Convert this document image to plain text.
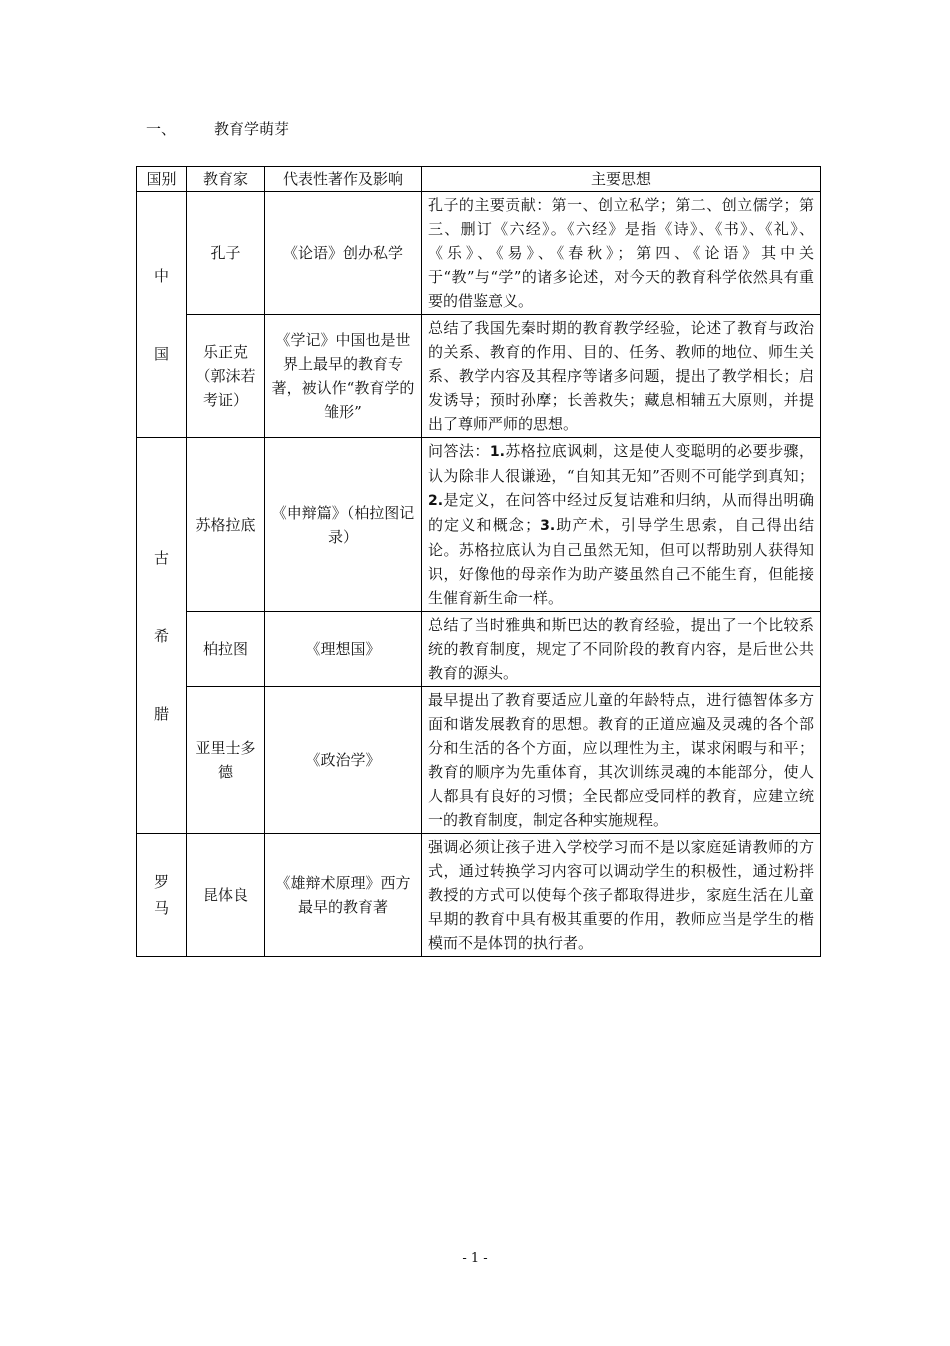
一、	教育学萌芽
国别	教育家	代表性著作及影响	主要思想
中国	孔子	《论语》创办私学	孔子的主要贡献：第一、创立私学；第二、创立儒学；第三、删订《六经》。《六经》是指《诗》、《书》、《礼》、《乐》、《易》、《春秋》；第四、《论语》其中关于“教”与“学”的诸多论述，对今天的教育科学依然具有重要的借鉴意义。
	乐正克（郭沫若考证）	《学记》中国也是世界上最早的教育专著，被认作“教育学的雏形”	总结了我国先秦时期的教育教学经验，论述了教育与政治的关系、教育的作用、目的、任务、教师的地位、师生关系、教学内容及其程序等诸多问题，提出了教学相长；启发诱导；预时孙摩；长善救失；藏息相辅五大原则，并提出了尊师严师的思想。
古希腊	苏格拉底	《申辩篇》（柏拉图记录）	问答法：1.苏格拉底讽刺，这是使人变聪明的必要步骤，认为除非人很谦逊，“自知其无知”否则不可能学到真知；2.是定义，在问答中经过反复诘难和归纳，从而得出明确的定义和概念；3.助产术，引导学生思索，自己得出结论。苏格拉底认为自己虽然无知，但可以帮助别人获得知识，好像他的母亲作为助产婆虽然自己不能生育，但能接生催育新生命一样。
	柏拉图	《理想国》	总结了当时雅典和斯巴达的教育经验，提出了一个比较系统的教育制度，规定了不同阶段的教育内容，是后世公共教育的源头。
	亚里士多德	《政治学》	最早提出了教育要适应儿童的年龄特点，进行德智体多方面和谐发展教育的思想。教育的正道应遍及灵魂的各个部分和生活的各个方面，应以理性为主，谋求闲暇与和平；教育的顺序为先重体育，其次训练灵魂的本能部分，使人人都具有良好的习惯；全民都应受同样的教育，应建立统一的教育制度，制定各种实施规程。
罗马	昆体良	《雄辩术原理》西方最早的教育著	强调必须让孩子进入学校学习而不是以家庭延请教师的方式，通过转换学习内容可以调动学生的积极性，通过粉拌教授的方式可以使每个孩子都取得进步，家庭生活在儿童早期的教育中具有极其重要的作用，教师应当是学生的楷模而不是体罚的执行者。
- 1 -
